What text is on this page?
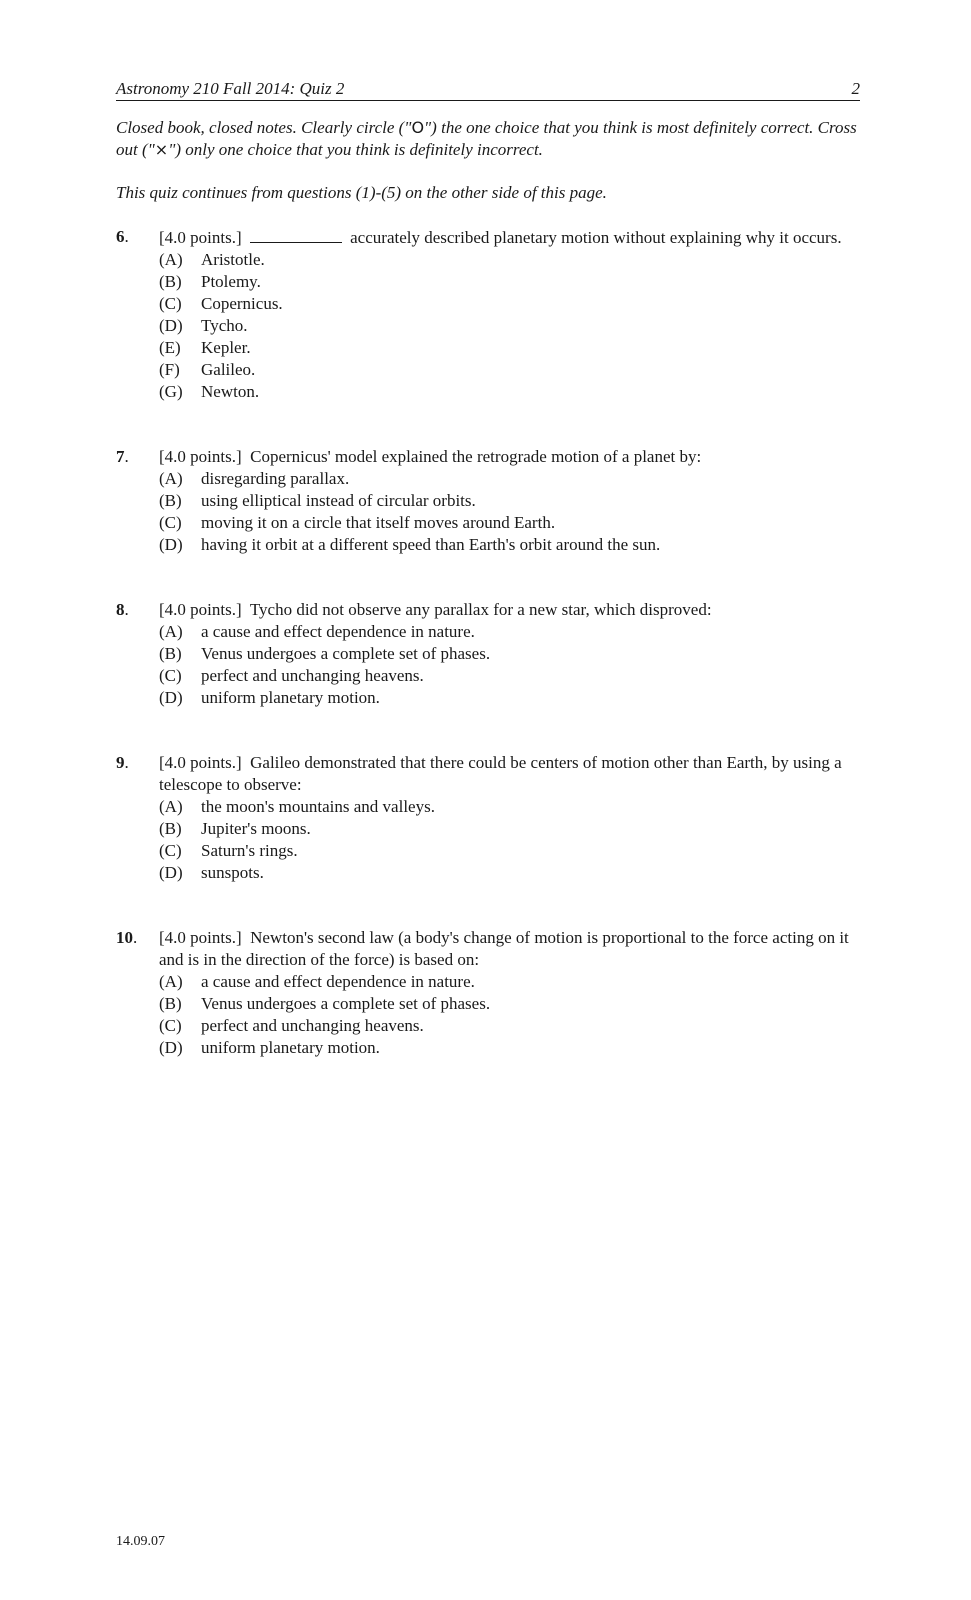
Astronomy 210 Fall 2014: Quiz 2	2
Closed book, closed notes. Clearly circle ("O") the one choice that you think is most definitely correct. Cross out ("×") only one choice that you think is definitely incorrect.
This quiz continues from questions (1)-(5) on the other side of this page.
6. [4.0 points.]	accurately described planetary motion without explaining why it occurs.
(A)	Aristotle.
(B)	Ptolemy.
(C)	Copernicus.
(D)	Tycho.
(E)	Kepler.
(F)	Galileo.
(G)	Newton.
7. [4.0 points.] Copernicus' model explained the retrograde motion of a planet by:
(A)	disregarding parallax.
(B)	using elliptical instead of circular orbits.
(C)	moving it on a circle that itself moves around Earth.
(D)	having it orbit at a different speed than Earth's orbit around the sun.
8. [4.0 points.] Tycho did not observe any parallax for a new star, which disproved:
(A)	a cause and effect dependence in nature.
(B)	Venus undergoes a complete set of phases.
(C)	perfect and unchanging heavens.
(D)	uniform planetary motion.
9. [4.0 points.] Galileo demonstrated that there could be centers of motion other than Earth, by using a telescope to observe:
(A)	the moon's mountains and valleys.
(B)	Jupiter's moons.
(C)	Saturn's rings.
(D)	sunspots.
10. [4.0 points.] Newton's second law (a body's change of motion is proportional to the force acting on it and is in the direction of the force) is based on:
(A)	a cause and effect dependence in nature.
(B)	Venus undergoes a complete set of phases.
(C)	perfect and unchanging heavens.
(D)	uniform planetary motion.
14.09.07
